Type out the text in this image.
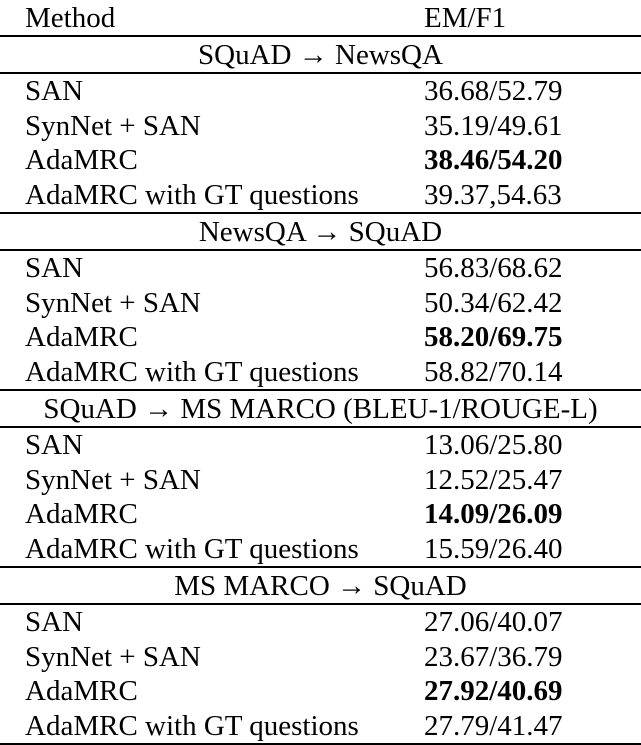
Method	EM/F1
SQuAD → NewsQA	
SAN	36.68/52.79
SynNet + SAN	35.19/49.61
AdaMRC	38.46/54.20
AdaMRC with GT questions	39.37,54.63
NewsQA → SQuAD	
SAN	56.83/68.62
SynNet + SAN	50.34/62.42
AdaMRC	58.20/69.75
AdaMRC with GT questions	58.82/70.14
SQuAD → MS MARCO (BLEU-1/ROUGE-L)	
SAN	13.06/25.80
SynNet + SAN	12.52/25.47
AdaMRC	14.09/26.09
AdaMRC with GT questions	15.59/26.40
MS MARCO → SQuAD	
SAN	27.06/40.07
SynNet + SAN	23.67/36.79
AdaMRC	27.92/40.69
AdaMRC with GT questions	27.79/41.47
